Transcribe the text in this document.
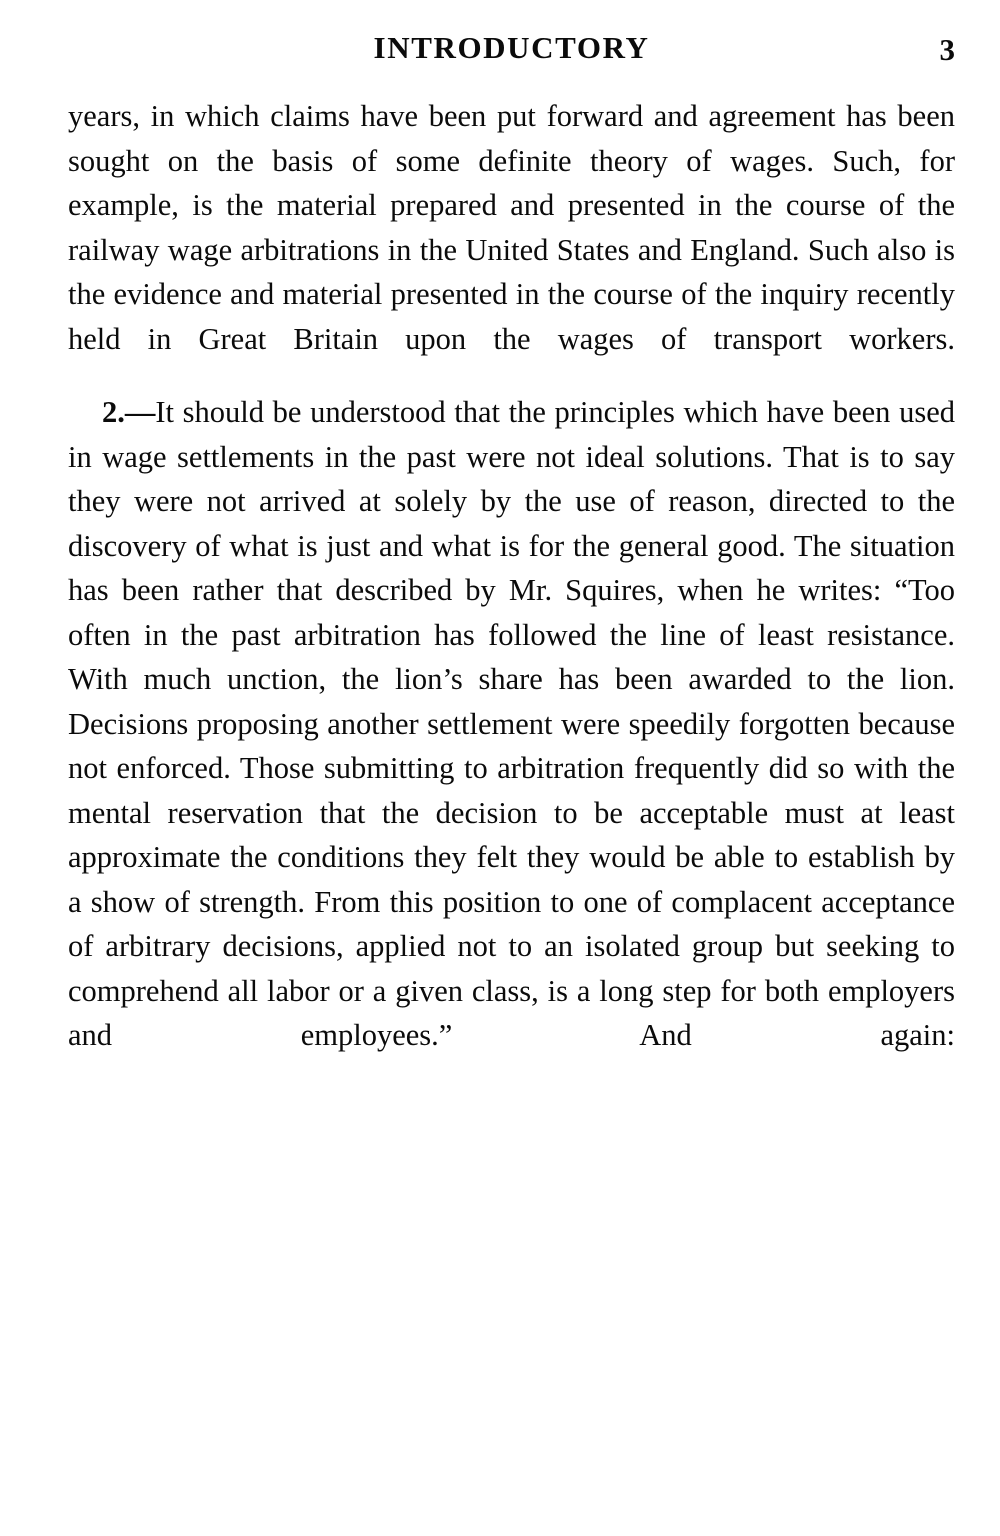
INTRODUCTORY	3

years, in which claims have been put forward and agreement has been sought on the basis of some definite theory of wages. Such, for example, is the material prepared and presented in the course of the railway wage arbitrations in the United States and England. Such also is the evidence and material presented in the course of the inquiry recently held in Great Britain upon the wages of transport workers.

2.—It should be understood that the principles which have been used in wage settlements in the past were not ideal solutions. That is to say they were not arrived at solely by the use of reason, directed to the discovery of what is just and what is for the general good. The situation has been rather that described by Mr. Squires, when he writes: “Too often in the past arbitration has followed the line of least resistance. With much unction, the lion’s share has been awarded to the lion. Decisions proposing another settlement were speedily forgotten because not enforced. Those submitting to arbitration frequently did so with the mental reservation that the decision to be acceptable must at least approximate the conditions they felt they would be able to establish by a show of strength. From this position to one of complacent acceptance of arbitrary decisions, applied not to an isolated group but seeking to comprehend all labor or a given class, is a long step for both employers and employees.” And again:
